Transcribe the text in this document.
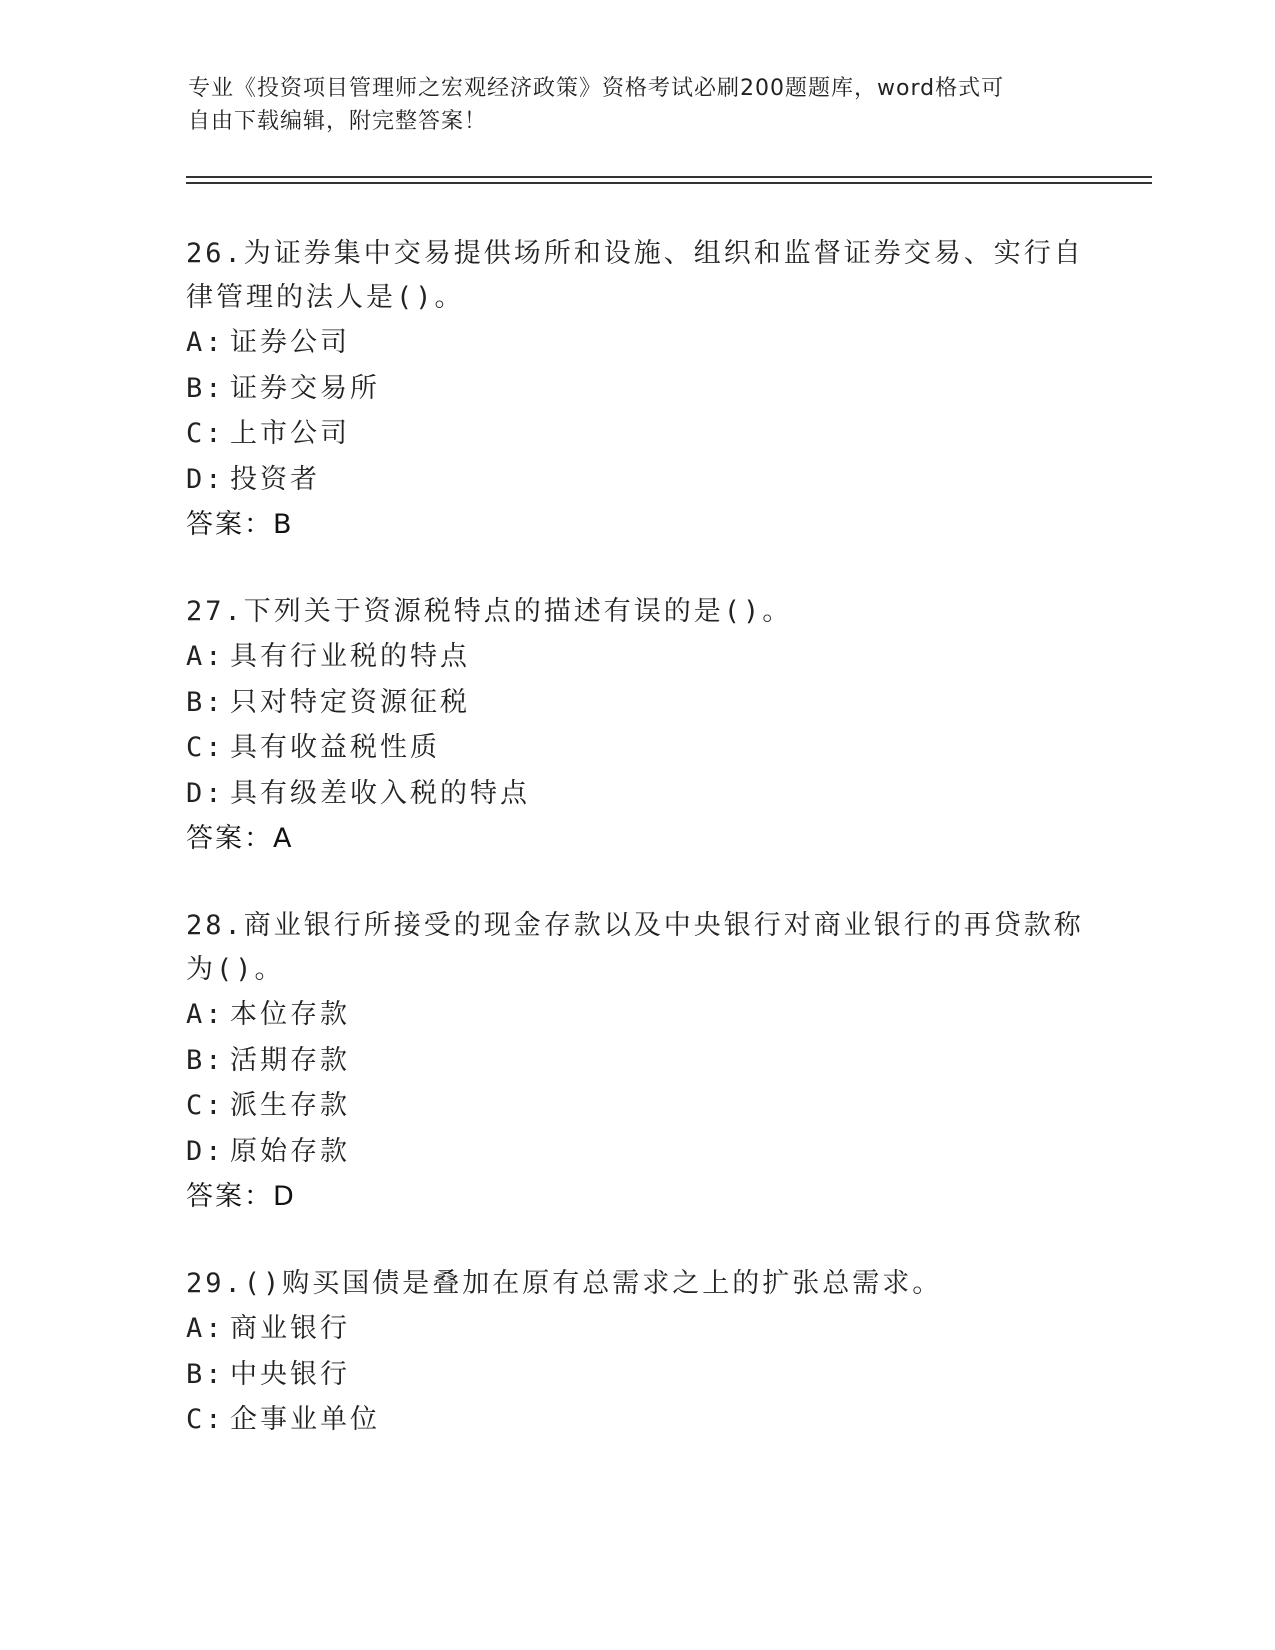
专业《投资项目管理师之宏观经济政策》资格考试必刷200题题库，word格式可
自由下载编辑，附完整答案！

26.为证券集中交易提供场所和设施、组织和监督证券交易、实行自律管理的法人是()。

A: 证券公司
B: 证券交易所
C: 上市公司
D: 投资者
答案：B

27.下列关于资源税特点的描述有误的是()。

A: 具有行业税的特点
B: 只对特定资源征税
C: 具有收益税性质
D: 具有级差收入税的特点
答案：A

28.商业银行所接受的现金存款以及中央银行对商业银行的再贷款称为()。

A: 本位存款
B: 活期存款
C: 派生存款
D: 原始存款
答案：D

29.()购买国债是叠加在原有总需求之上的扩张总需求。

A: 商业银行
B: 中央银行
C: 企事业单位
